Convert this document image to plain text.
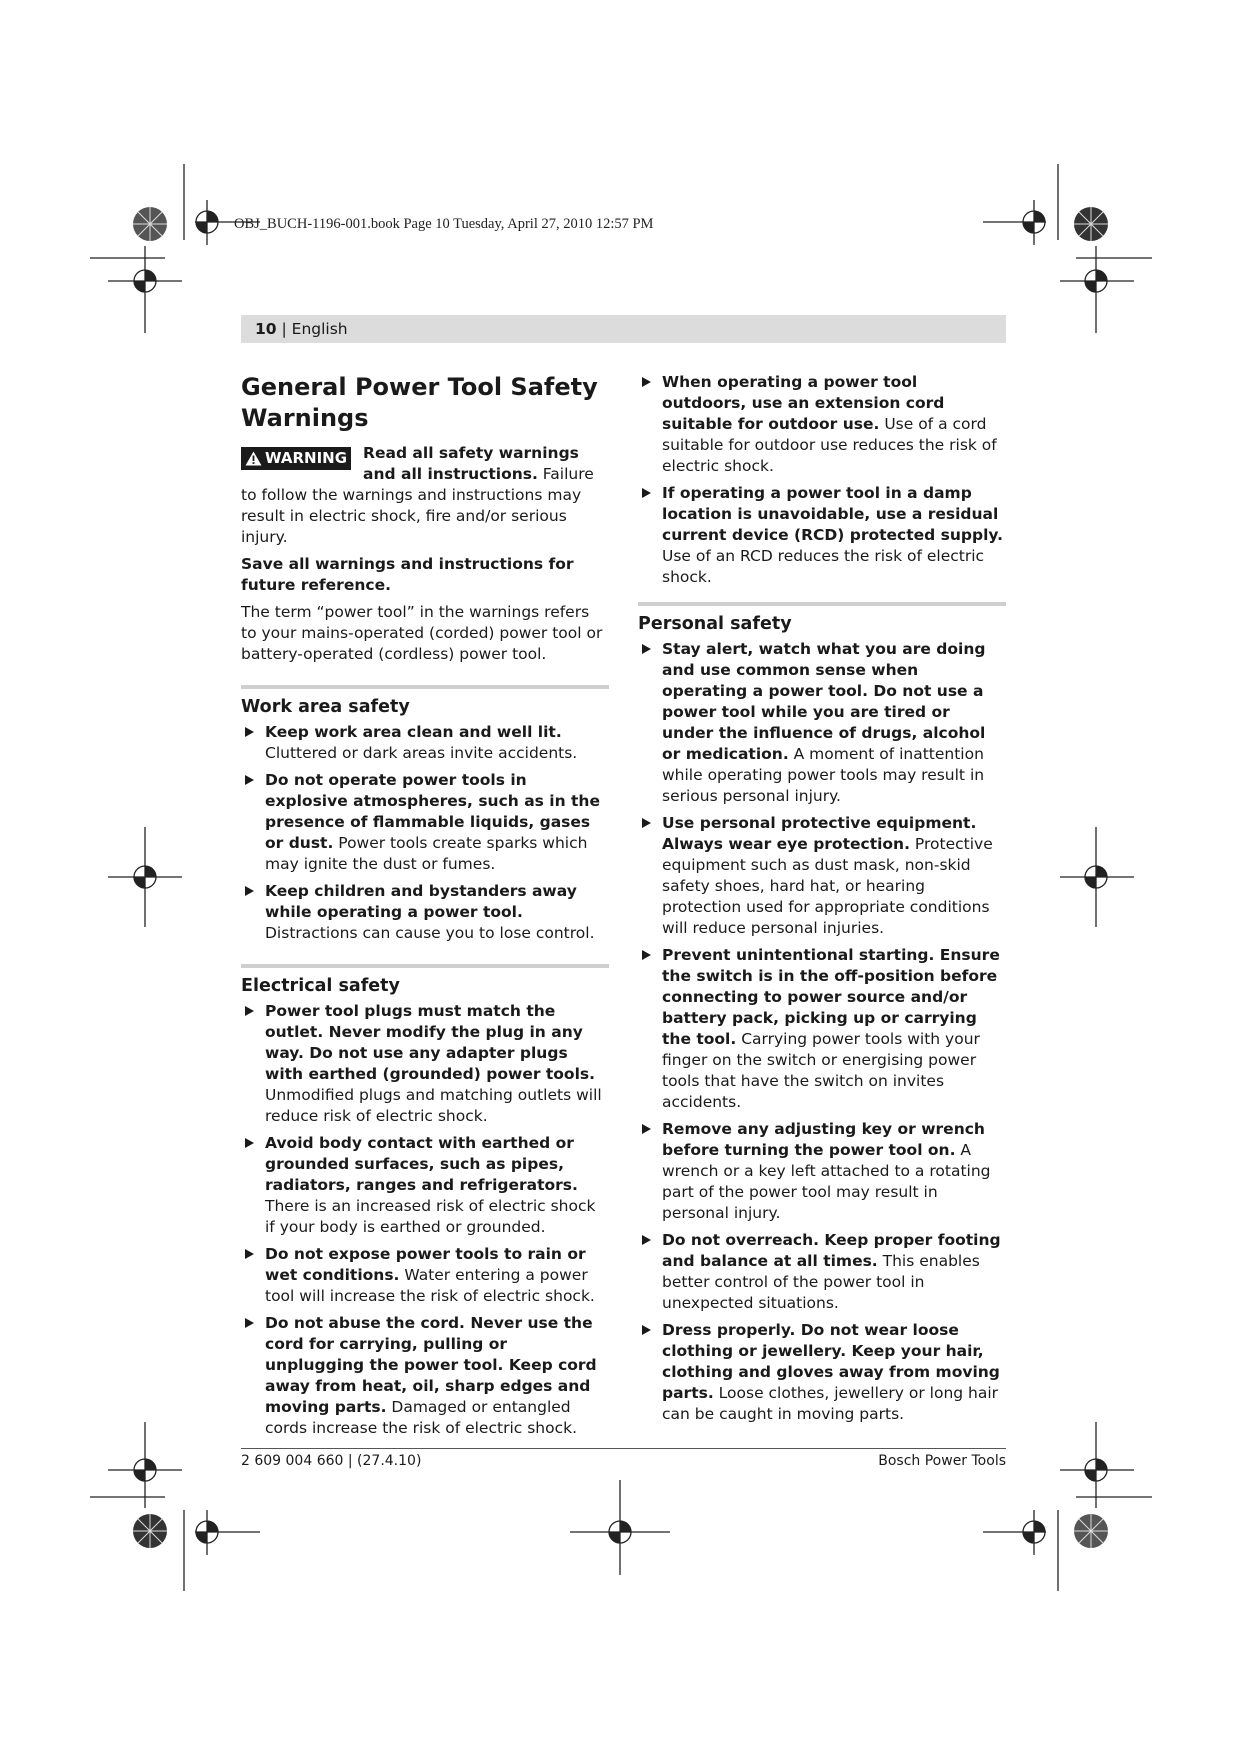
OBJ_BUCH-1196-001.book Page 10 Tuesday, April 27, 2010 12:57 PM
10 | English
General Power Tool Safety Warnings
WARNING	Read all safety warnings and all instructions. Failure to follow the warnings and instructions may result in electric shock, fire and/or serious injury.

Save all warnings and instructions for future reference.

The term “power tool” in the warnings refers to your mains-operated (corded) power tool or battery-operated (cordless) power tool.

Work area safety
Keep work area clean and well lit. Cluttered or dark areas invite accidents.
Do not operate power tools in explosive atmospheres, such as in the presence of flammable liquids, gases or dust. Power tools create sparks which may ignite the dust or fumes.
Keep children and bystanders away while operating a power tool. Distractions can cause you to lose control.
Electrical safety
Power tool plugs must match the outlet. Never modify the plug in any way. Do not use any adapter plugs with earthed (grounded) power tools. Unmodified plugs and matching outlets will reduce risk of electric shock.
Avoid body contact with earthed or grounded surfaces, such as pipes, radiators, ranges and refrigerators. There is an increased risk of electric shock if your body is earthed or grounded.
Do not expose power tools to rain or wet conditions. Water entering a power tool will increase the risk of electric shock.
Do not abuse the cord. Never use the cord for carrying, pulling or unplugging the power tool. Keep cord away from heat, oil, sharp edges and moving parts. Damaged or entangled cords increase the risk of electric shock.
When operating a power tool outdoors, use an extension cord suitable for outdoor use. Use of a cord suitable for outdoor use reduces the risk of electric shock.
If operating a power tool in a damp location is unavoidable, use a residual current device (RCD) protected supply. Use of an RCD reduces the risk of electric shock.
Personal safety
Stay alert, watch what you are doing and use common sense when operating a power tool. Do not use a power tool while you are tired or under the influence of drugs, alcohol or medication. A moment of inattention while operating power tools may result in serious personal injury.
Use personal protective equipment. Always wear eye protection. Protective equipment such as dust mask, non-skid safety shoes, hard hat, or hearing protection used for appropriate conditions will reduce personal injuries.
Prevent unintentional starting. Ensure the switch is in the off-position before connecting to power source and/or battery pack, picking up or carrying the tool. Carrying power tools with your finger on the switch or energising power tools that have the switch on invites accidents.
Remove any adjusting key or wrench before turning the power tool on. A wrench or a key left attached to a rotating part of the power tool may result in personal injury.
Do not overreach. Keep proper footing and balance at all times. This enables better control of the power tool in unexpected situations.
Dress properly. Do not wear loose clothing or jewellery. Keep your hair, clothing and gloves away from moving parts. Loose clothes, jewellery or long hair can be caught in moving parts.
2 609 004 660 | (27.4.10)	Bosch Power Tools
